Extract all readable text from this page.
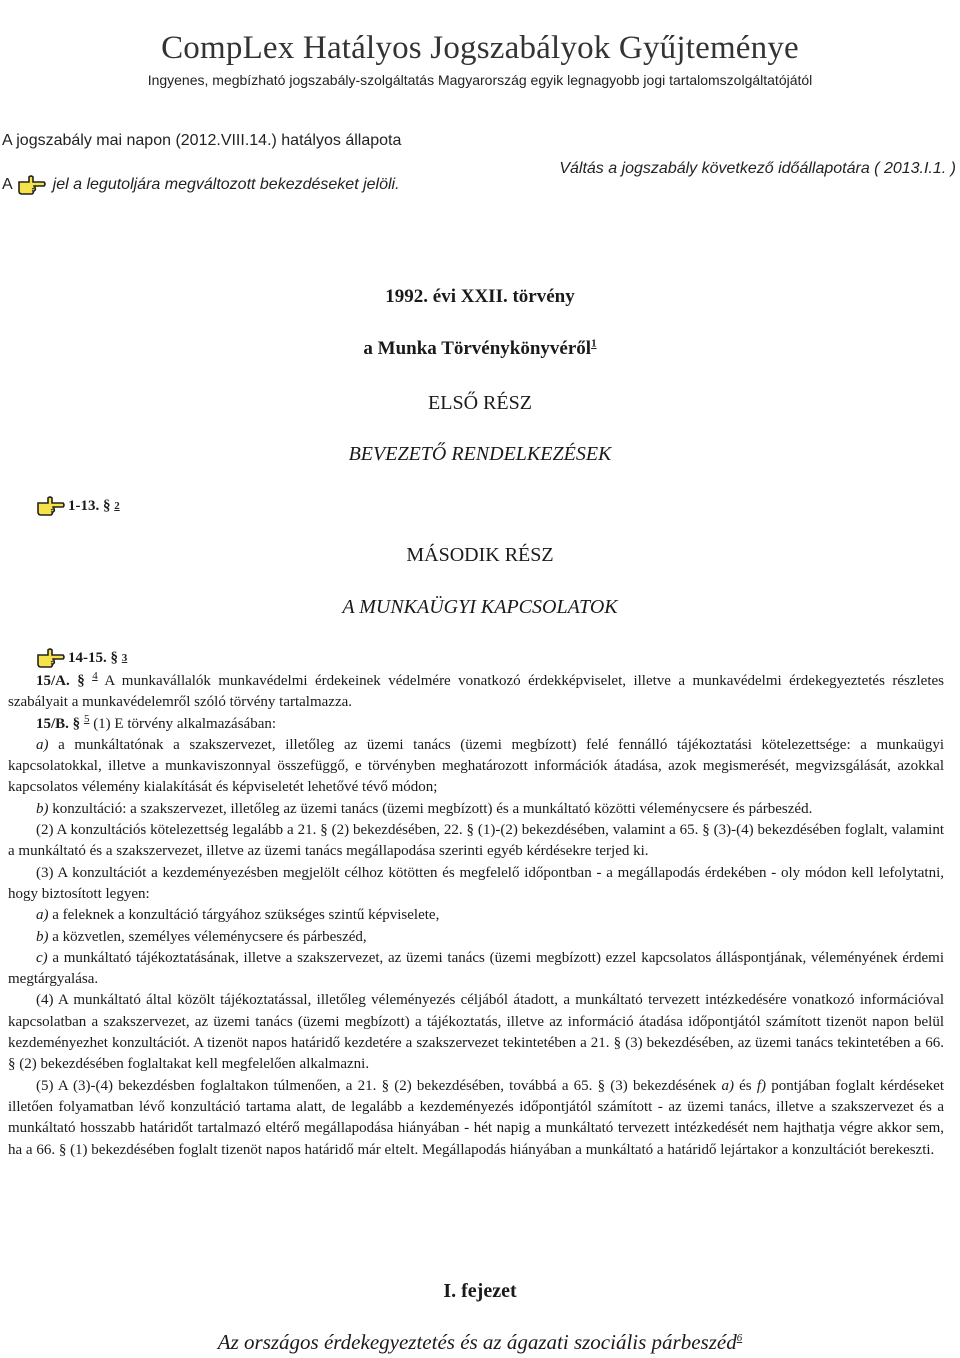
CompLex Hatályos Jogszabályok Gyűjteménye
Ingyenes, megbízható jogszabály-szolgáltatás Magyarország egyik legnagyobb jogi tartalomszolgáltatójától
A jogszabály mai napon (2012.VIII.14.) hatályos állapota
A	jel a legutoljára megváltozott bekezdéseket jelöli.
Váltás a jogszabály következő időállapotára ( 2013.I.1. )
1992. évi XXII. törvény
a Munka Törvénykönyvéről$^1$
ELSŐ RÉSZ
BEVEZETŐ RENDELKEZÉSEK
1-13. §
2
MÁSODIK RÉSZ
A MUNKAÜGYI KAPCSOLATOK
14-15. §
3

15/A. § $^4$ A munkavállalók munkavédelmi érdekeinek védelmére vonatkozó érdekképviselet, illetve a munkavédelmi érdekegyeztetés részletes szabályait a munkavédelemről szóló törvény tartalmazza.

15/B. § $^5$ (1) E törvény alkalmazásában:

a) a munkáltatónak a szakszervezet, illetőleg az üzemi tanács (üzemi megbízott) felé fennálló tájékoztatási kötelezettsége: a munkaügyi kapcsolatokkal, illetve a munkaviszonnyal összefüggő, e törvényben meghatározott információk átadása, azok megismerését, megvizsgálását, azokkal kapcsolatos vélemény kialakítását és képviseletét lehetővé tévő módon;

b) konzultáció: a szakszervezet, illetőleg az üzemi tanács (üzemi megbízott) és a munkáltató közötti véleménycsere és párbeszéd.

(2) A konzultációs kötelezettség legalább a 21. § (2) bekezdésében, 22. § (1)-(2) bekezdésében, valamint a 65. § (3)-(4) bekezdésében foglalt, valamint a munkáltató és a szakszervezet, illetve az üzemi tanács megállapodása szerinti egyéb kérdésekre terjed ki.

(3) A konzultációt a kezdeményezésben megjelölt célhoz kötötten és megfelelő időpontban - a megállapodás érdekében - oly módon kell lefolytatni, hogy biztosított legyen:

a) a feleknek a konzultáció tárgyához szükséges szintű képviselete,

b) a közvetlen, személyes véleménycsere és párbeszéd,

c) a munkáltató tájékoztatásának, illetve a szakszervezet, az üzemi tanács (üzemi megbízott) ezzel kapcsolatos álláspontjának, véleményének érdemi megtárgyalása.

(4) A munkáltató által közölt tájékoztatással, illetőleg véleményezés céljából átadott, a munkáltató tervezett intézkedésére vonatkozó információval kapcsolatban a szakszervezet, az üzemi tanács (üzemi megbízott) a tájékoztatás, illetve az információ átadása időpontjától számított tizenöt napon belül kezdeményezhet konzultációt. A tizenöt napos határidő kezdetére a szakszervezet tekintetében a 21. § (3) bekezdésében, az üzemi tanács tekintetében a 66. § (2) bekezdésében foglaltakat kell megfelelően alkalmazni.

(5) A (3)-(4) bekezdésben foglaltakon túlmenően, a 21. § (2) bekezdésében, továbbá a 65. § (3) bekezdésének a) és f) pontjában foglalt kérdéseket illetően folyamatban lévő konzultáció tartama alatt, de legalább a kezdeményezés időpontjától számított - az üzemi tanács, illetve a szakszervezet és a munkáltató hosszabb határidőt tartalmazó eltérő megállapodása hiányában - hét napig a munkáltató tervezett intézkedését nem hajthatja végre akkor sem, ha a 66. § (1) bekezdésében foglalt tizenöt napos határidő már eltelt. Megállapodás hiányában a munkáltató a határidő lejártakor a konzultációt berekeszti.

I. fejezet
Az országos érdekegyeztetés és az ágazati szociális párbeszéd$^6$
